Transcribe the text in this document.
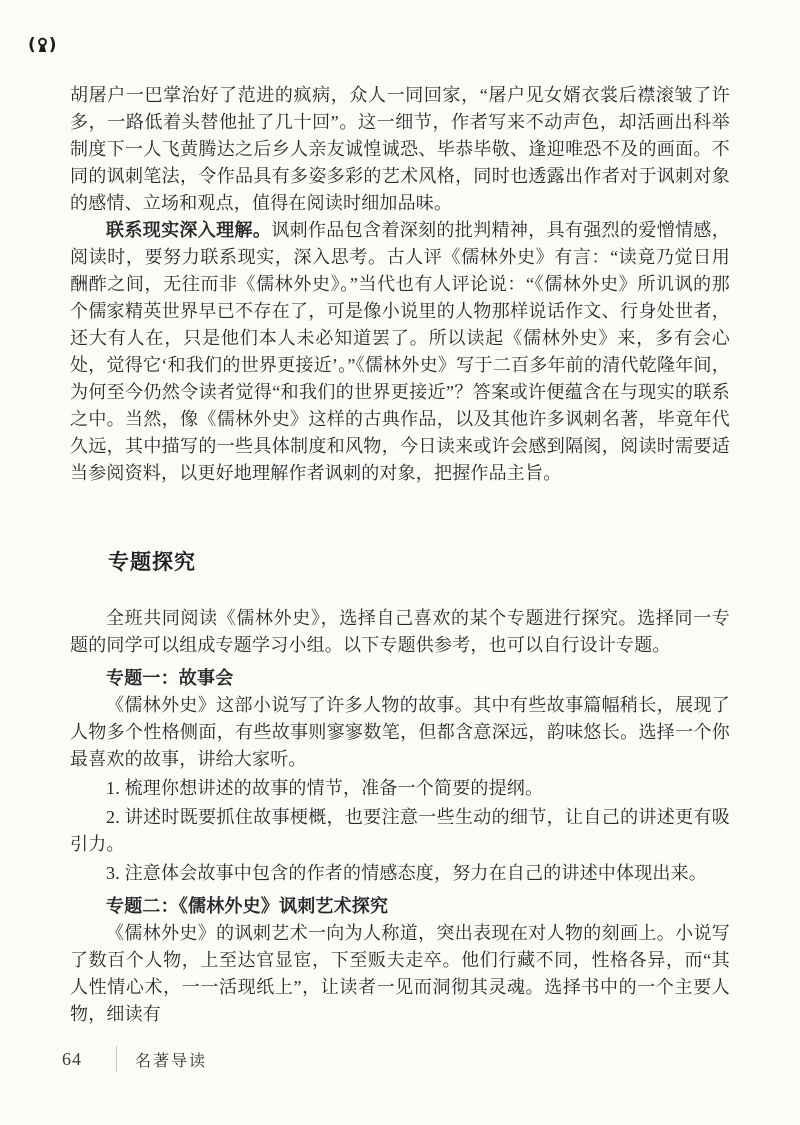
( )

胡屠户一巴掌治好了范进的疯病，众人一同回家，“屠户见女婿衣裳后襟滚皱了许多，一路低着头替他扯了几十回”。这一细节，作者写来不动声色，却活画出科举制度下一人飞黄腾达之后乡人亲友诚惶诚恐、毕恭毕敬、逢迎唯恐不及的画面。不同的讽刺笔法，令作品具有多姿多彩的艺术风格，同时也透露出作者对于讽刺对象的感情、立场和观点，值得在阅读时细加品味。

联系现实深入理解。讽刺作品包含着深刻的批判精神，具有强烈的爱憎情感，阅读时，要努力联系现实，深入思考。古人评《儒林外史》有言：“读竟乃觉日用酬酢之间，无往而非《儒林外史》。”当代也有人评论说：“《儒林外史》所讥讽的那个儒家精英世界早已不存在了，可是像小说里的人物那样说话作文、行身处世者，还大有人在，只是他们本人未必知道罢了。所以读起《儒林外史》来，多有会心处，觉得它‘和我们的世界更接近’。”《儒林外史》写于二百多年前的清代乾隆年间，为何至今仍然令读者觉得“和我们的世界更接近”？答案或许便蕴含在与现实的联系之中。当然，像《儒林外史》这样的古典作品，以及其他许多讽刺名著，毕竟年代久远，其中描写的一些具体制度和风物，今日读来或许会感到隔阂，阅读时需要适当参阅资料，以更好地理解作者讽刺的对象，把握作品主旨。

专题探究

全班共同阅读《儒林外史》，选择自己喜欢的某个专题进行探究。选择同一专题的同学可以组成专题学习小组。以下专题供参考，也可以自行设计专题。

专题一：故事会

《儒林外史》这部小说写了许多人物的故事。其中有些故事篇幅稍长，展现了人物多个性格侧面，有些故事则寥寥数笔，但都含意深远，韵味悠长。选择一个你最喜欢的故事，讲给大家听。

1. 梳理你想讲述的故事的情节，准备一个简要的提纲。

2. 讲述时既要抓住故事梗概，也要注意一些生动的细节，让自己的讲述更有吸引力。

3. 注意体会故事中包含的作者的情感态度，努力在自己的讲述中体现出来。

专题二：《儒林外史》讽刺艺术探究

《儒林外史》的讽刺艺术一向为人称道，突出表现在对人物的刻画上。小说写了数百个人物，上至达官显宦，下至贩夫走卒。他们行藏不同，性格各异，而“其人性情心术，一一活现纸上”，让读者一见而洞彻其灵魂。选择书中的一个主要人物，细读有

64	名著导读
